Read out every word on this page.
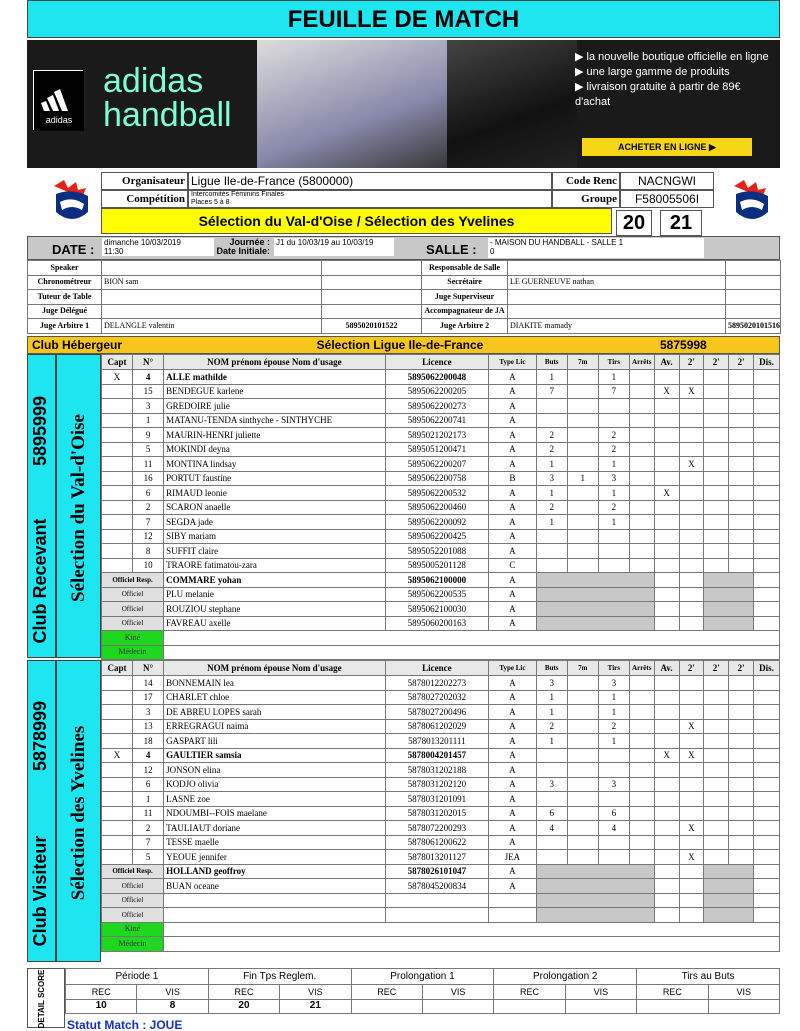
FEUILLE DE MATCH
adidas
adidas
handball
▶ la nouvelle boutique officielle en ligne
▶ une large gamme de produits
▶ livraison gratuite à partir de 89€ d'achat
ACHETER EN LIGNE ▶
Organisateur Ligue Ile-de-France (5800000)
Compétition Intercomités Féminins Finales
Places 5 à 8
Code Renc	NACNGWI
Groupe	F58005506I
Sélection du Val-d'Oise / Sélection des Yvelines	20	21
DATE : dimanche 10/03/2019
11:30
Journée :
Date Initiale:
J1 du 10/03/19 au 10/03/19	SALLE : - MAISON DU HANDBALL - SALLE 1
0
Speaker			Responsable de Salle		
Chronométreur	BION sam		Secrétaire	LE GUERNEUVE nathan	
Tuteur de Table			Juge Superviseur		
Juge Délégué			Accompagnateur de JA		
Juge Arbitre 1	DELANGLE valentin	5895020101522	Juge Arbitre 2	DIAKITE mamady	5895020101516
Club Hébergeur	Sélection Ligue Ile-de-France	5875998
Club Recevant
5895999 Sélection du Val-d'Oise
Club Visiteur
5878999 Sélection des Yvelines
Capt	N°	NOM prénom épouse Nom d'usage	Licence	Type Lic	Buts	7m	Tirs	Arrêts	Av.	2'	2'	2'	Dis.
X	4	ALLE mathilde	5895062200048	A	1		1						
	15	BENDEGUE karlene	5895062200205	A	7		7		X	X			
	3	GREDOIRE julie	5895062200273	A									
	1	MATANU-TENDA sinthyche - SINTHYCHE	5895062200741	A									
	9	MAURIN-HENRI juliette	5895021202173	A	2		2						
	5	MOKINDI deyna	5895051200471	A	2		2						
	11	MONTINA lindsay	5895062200207	A	1		1			X			
	16	PORTUT faustine	5895062200758	B	3	1	3						
	6	RIMAUD leonie	5895062200532	A	1		1		X				
	2	SCARON anaelle	5895062200460	A	2		2						
	7	SEGDA jade	5895062200092	A	1		1						
	12	SIBY mariam	5895062200425	A									
	8	SUFFIT claire	5895052201088	A									
	10	TRAORE fatimatou-zara	5895005201128	C									
Officiel Resp.		COMMARE yohan	5895062100000	A									
Officiel		PLU melanie	5895062200535	A									
Officiel		ROUZIOU stephane	5895062100030	A									
Officiel		FAVREAU axelle	5895060200163	A									
Kiné													
Médecin													
Capt	N°	NOM prénom épouse Nom d'usage	Licence	Type Lic	Buts	7m	Tirs	Arrêts	Av.	2'	2'	2'	Dis.
	14	BONNEMAIN lea	5878012202273	A	3		3						
	17	CHARLET chloe	5878027202032	A	1		1						
	3	DE ABREU LOPES sarah	5878027200496	A	1		1						
	13	ERREGRAGUI naima	5878061202029	A	2		2			X			
	18	GASPART lili	5878013201111	A	1		1						
X	4	GAULTIER samsia	5878004201457	A					X	X			
	12	JONSON elina	5878031202188	A									
	6	KODJO olivia	5878031202120	A	3		3						
	1	LASNE zoe	5878031201091	A									
	11	NDOUMBI--FOIS maelane	5878031202015	A	6		6						
	2	TAULIAUT doriane	5878072200293	A	4		4			X			
	7	TESSE maelle	5878061200622	A									
	5	YEOUE jennifer	5878013201127	JEA						X			
Officiel Resp.		HOLLAND geoffroy	5878026101047	A									
Officiel		BUAN oceane	5878045200834	A									
Officiel													
Officiel													
Kiné													
Médecin													
DETAIL SCORE	Période 1		Fin Tps Reglem.		Prolongation 1		Prolongation 2		Tirs au Buts	
REC	VIS	REC	VIS	REC	VIS	REC	VIS	REC	VIS
10	8	20	21						
Statut Match : JOUE
